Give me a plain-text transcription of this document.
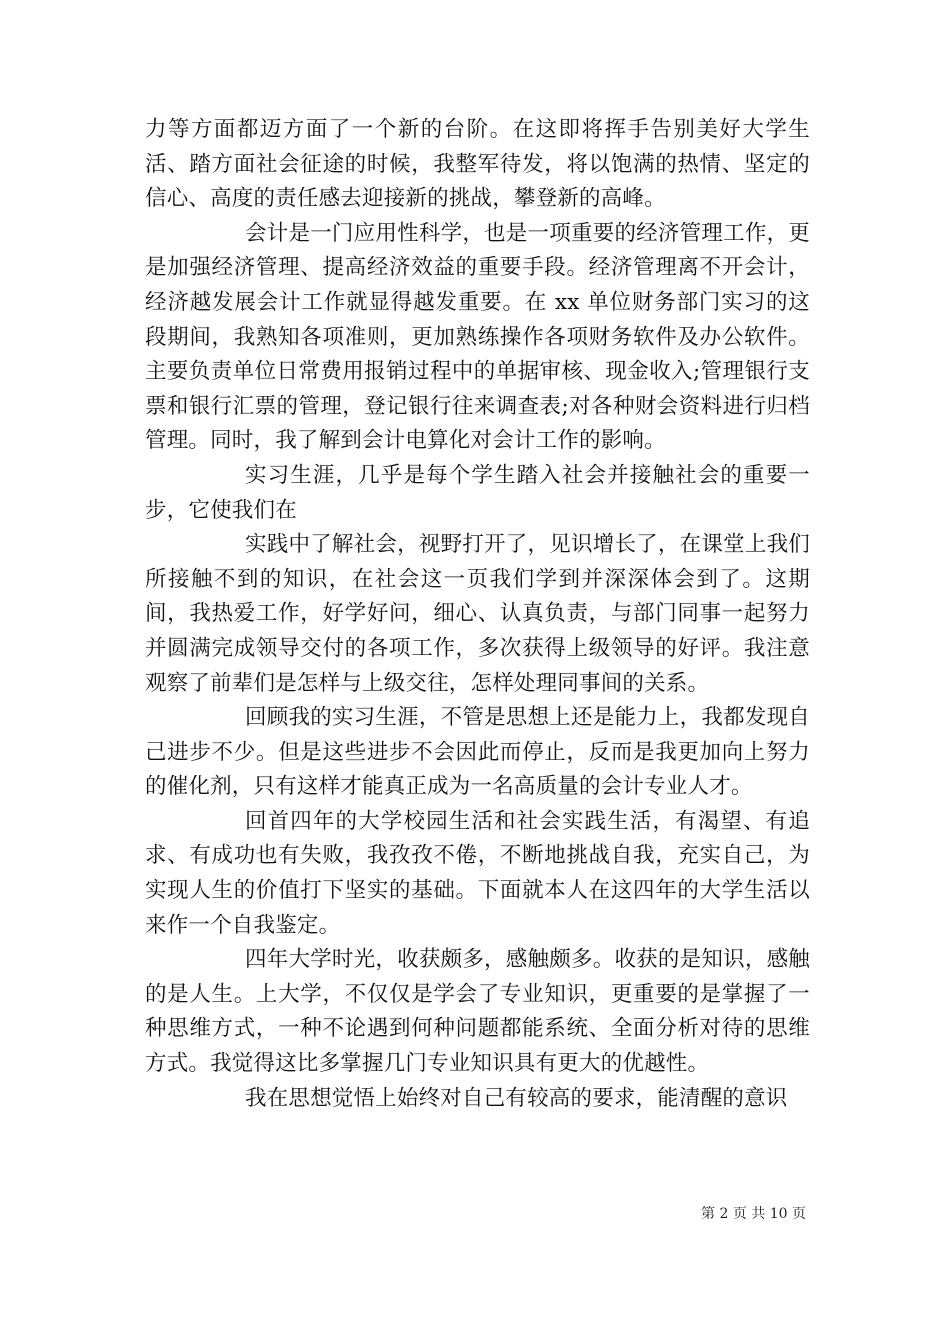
力等方面都迈方面了一个新的台阶。在这即将挥手告别美好大学生活、踏方面社会征途的时候，我整军待发，将以饱满的热情、坚定的信心、高度的责任感去迎接新的挑战，攀登新的高峰。

会计是一门应用性科学，也是一项重要的经济管理工作，更是加强经济管理、提高经济效益的重要手段。经济管理离不开会计，经济越发展会计工作就显得越发重要。在 xx 单位财务部门实习的这段期间，我熟知各项准则，更加熟练操作各项财务软件及办公软件。主要负责单位日常费用报销过程中的单据审核、现金收入;管理银行支票和银行汇票的管理，登记银行往来调查表;对各种财会资料进行归档管理。同时，我了解到会计电算化对会计工作的影响。

实习生涯，几乎是每个学生踏入社会并接触社会的重要一步，它使我们在

实践中了解社会，视野打开了，见识增长了，在课堂上我们所接触不到的知识，在社会这一页我们学到并深深体会到了。这期间，我热爱工作，好学好问，细心、认真负责，与部门同事一起努力并圆满完成领导交付的各项工作，多次获得上级领导的好评。我注意观察了前辈们是怎样与上级交往，怎样处理同事间的关系。

回顾我的实习生涯，不管是思想上还是能力上，我都发现自己进步不少。但是这些进步不会因此而停止，反而是我更加向上努力的催化剂，只有这样才能真正成为一名高质量的会计专业人才。

回首四年的大学校园生活和社会实践生活，有渴望、有追求、有成功也有失败，我孜孜不倦，不断地挑战自我，充实自己，为实现人生的价值打下坚实的基础。下面就本人在这四年的大学生活以来作一个自我鉴定。

四年大学时光，收获颇多，感触颇多。收获的是知识，感触的是人生。上大学，不仅仅是学会了专业知识，更重要的是掌握了一种思维方式，一种不论遇到何种问题都能系统、全面分析对待的思维方式。我觉得这比多掌握几门专业知识具有更大的优越性。

我在思想觉悟上始终对自己有较高的要求，能清醒的意识

第 2 页 共 10 页
